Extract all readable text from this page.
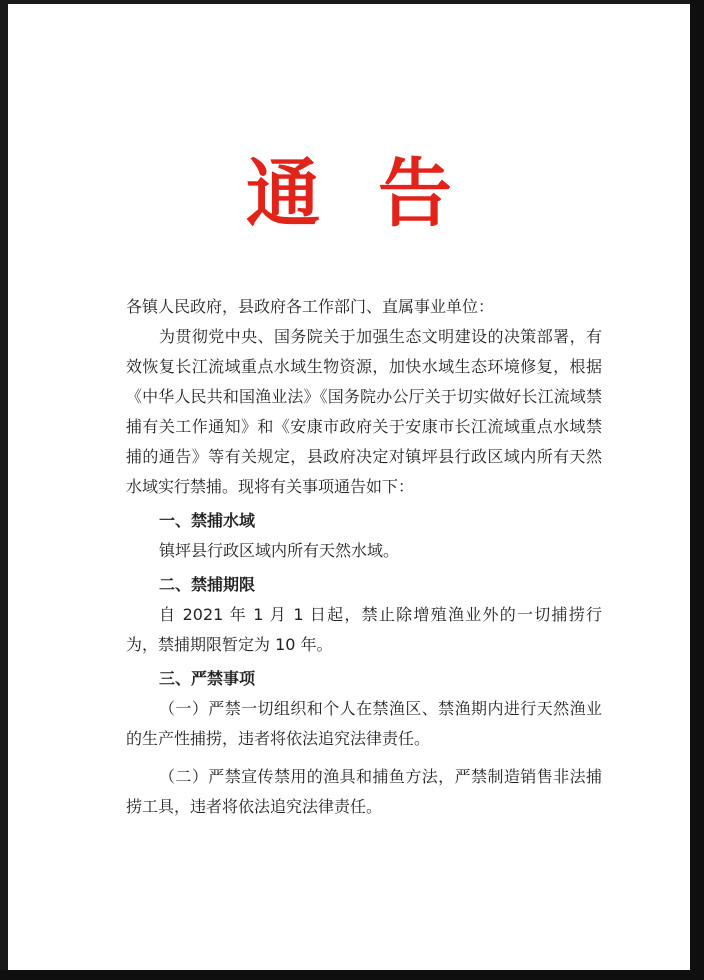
通告

各镇人民政府，县政府各工作部门、直属事业单位：

为贯彻党中央、国务院关于加强生态文明建设的决策部署，有效恢复长江流域重点水域生物资源，加快水域生态环境修复，根据《中华人民共和国渔业法》《国务院办公厅关于切实做好长江流域禁捕有关工作通知》和《安康市政府关于安康市长江流域重点水域禁捕的通告》等有关规定，县政府决定对镇坪县行政区域内所有天然水域实行禁捕。现将有关事项通告如下：

一、禁捕水域

镇坪县行政区域内所有天然水域。

二、禁捕期限

自 2021 年 1 月 1 日起，禁止除增殖渔业外的一切捕捞行为，禁捕期限暂定为 10 年。

三、严禁事项

（一）严禁一切组织和个人在禁渔区、禁渔期内进行天然渔业的生产性捕捞，违者将依法追究法律责任。

（二）严禁宣传禁用的渔具和捕鱼方法，严禁制造销售非法捕捞工具，违者将依法追究法律责任。
